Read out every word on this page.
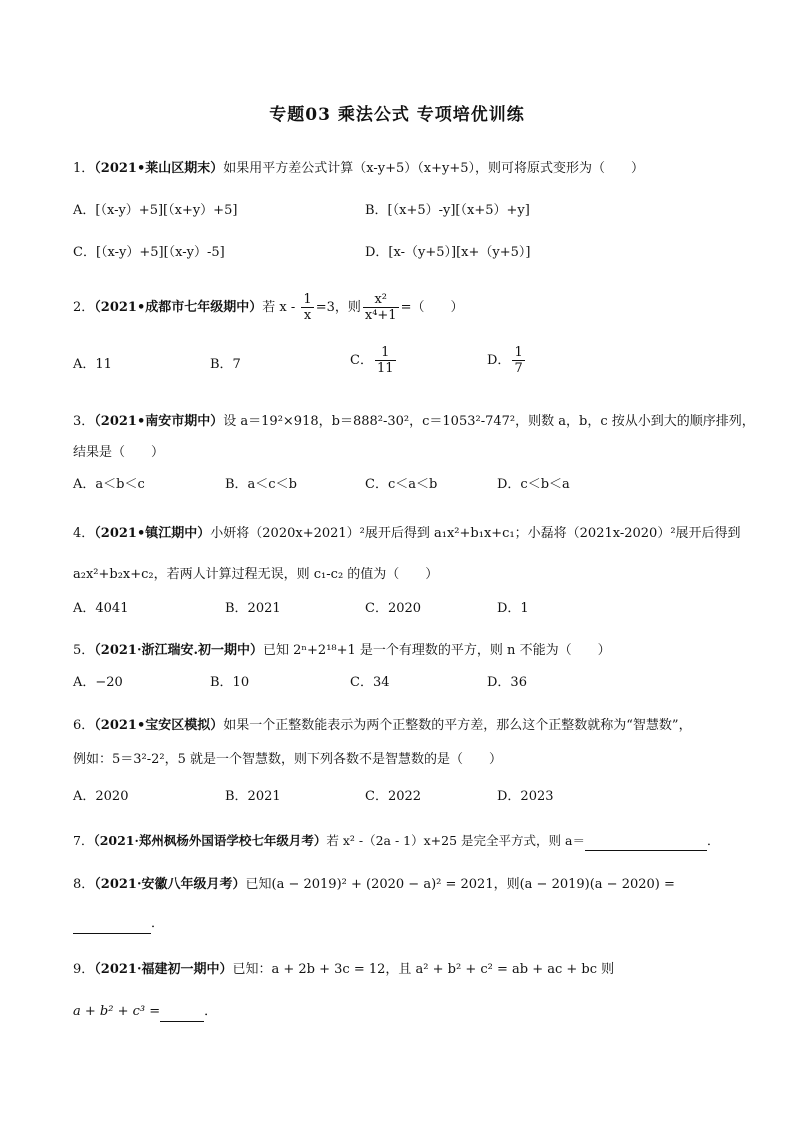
专题03 乘法公式 专项培优训练
1．（2021•莱山区期末）如果用平方差公式计算（x-y+5）（x+y+5），则可将原式变形为（　　）
A．[（x-y）+5][（x+y）+5]	B．[（x+5）-y][（x+5）+y]
C．[（x-y）+5][（x-y）-5]	D．[x-（y+5）][x+（y+5）]
2．（2021•成都市七年级期中）若 $x - \frac{1}{x} =3$，则 $\frac{\text{x²}}{\text{x⁴+1}}$ =（　　）
A．11	B．7	C． $\frac{1}{11}$	D． $\frac{1}{7}$
3．（2021•南安市期中）设 a＝19²×918，b＝888²-30²，c＝1053²-747²，则数 a，b，c 按从小到大的顺序排列，
结果是（　　）
A．a＜b＜c	B．a＜c＜b	C．c＜a＜b	D．c＜b＜a
4．（2021•镇江期中）小妍将（2020x+2021）²展开后得到 a₁x²+b₁x+c₁；小磊将（2021x-2020）²展开后得到
a₂x²+b₂x+c₂，若两人计算过程无误，则 c₁-c₂ 的值为（　　）
A．4041	B．2021	C．2020	D．1
5．（2021·浙江瑞安.初一期中）已知 2ⁿ+2¹⁸+1 是一个有理数的平方，则 n 不能为（　　）
A．−20	B．10	C．34	D．36
6．（2021•宝安区模拟）如果一个正整数能表示为两个正整数的平方差，那么这个正整数就称为“智慧数”，
例如：5＝3²-2²，5 就是一个智慧数，则下列各数不是智慧数的是（　　）
A．2020	B．2021	C．2022	D．2023
7．（2021·郑州枫杨外国语学校七年级月考）若 x² -（2a - 1）x+25 是完全平方式，则 a＝	．
8．（2021·安徽八年级月考）已知(a − 2019)² + (2020 − a)² = 2021，则(a − 2019)(a − 2020) =
．
9．（2021·福建初一期中）已知：a + 2b + 3c = 12，且 a² + b² + c² = ab + ac + bc 则
a + b² + c³ =	．
